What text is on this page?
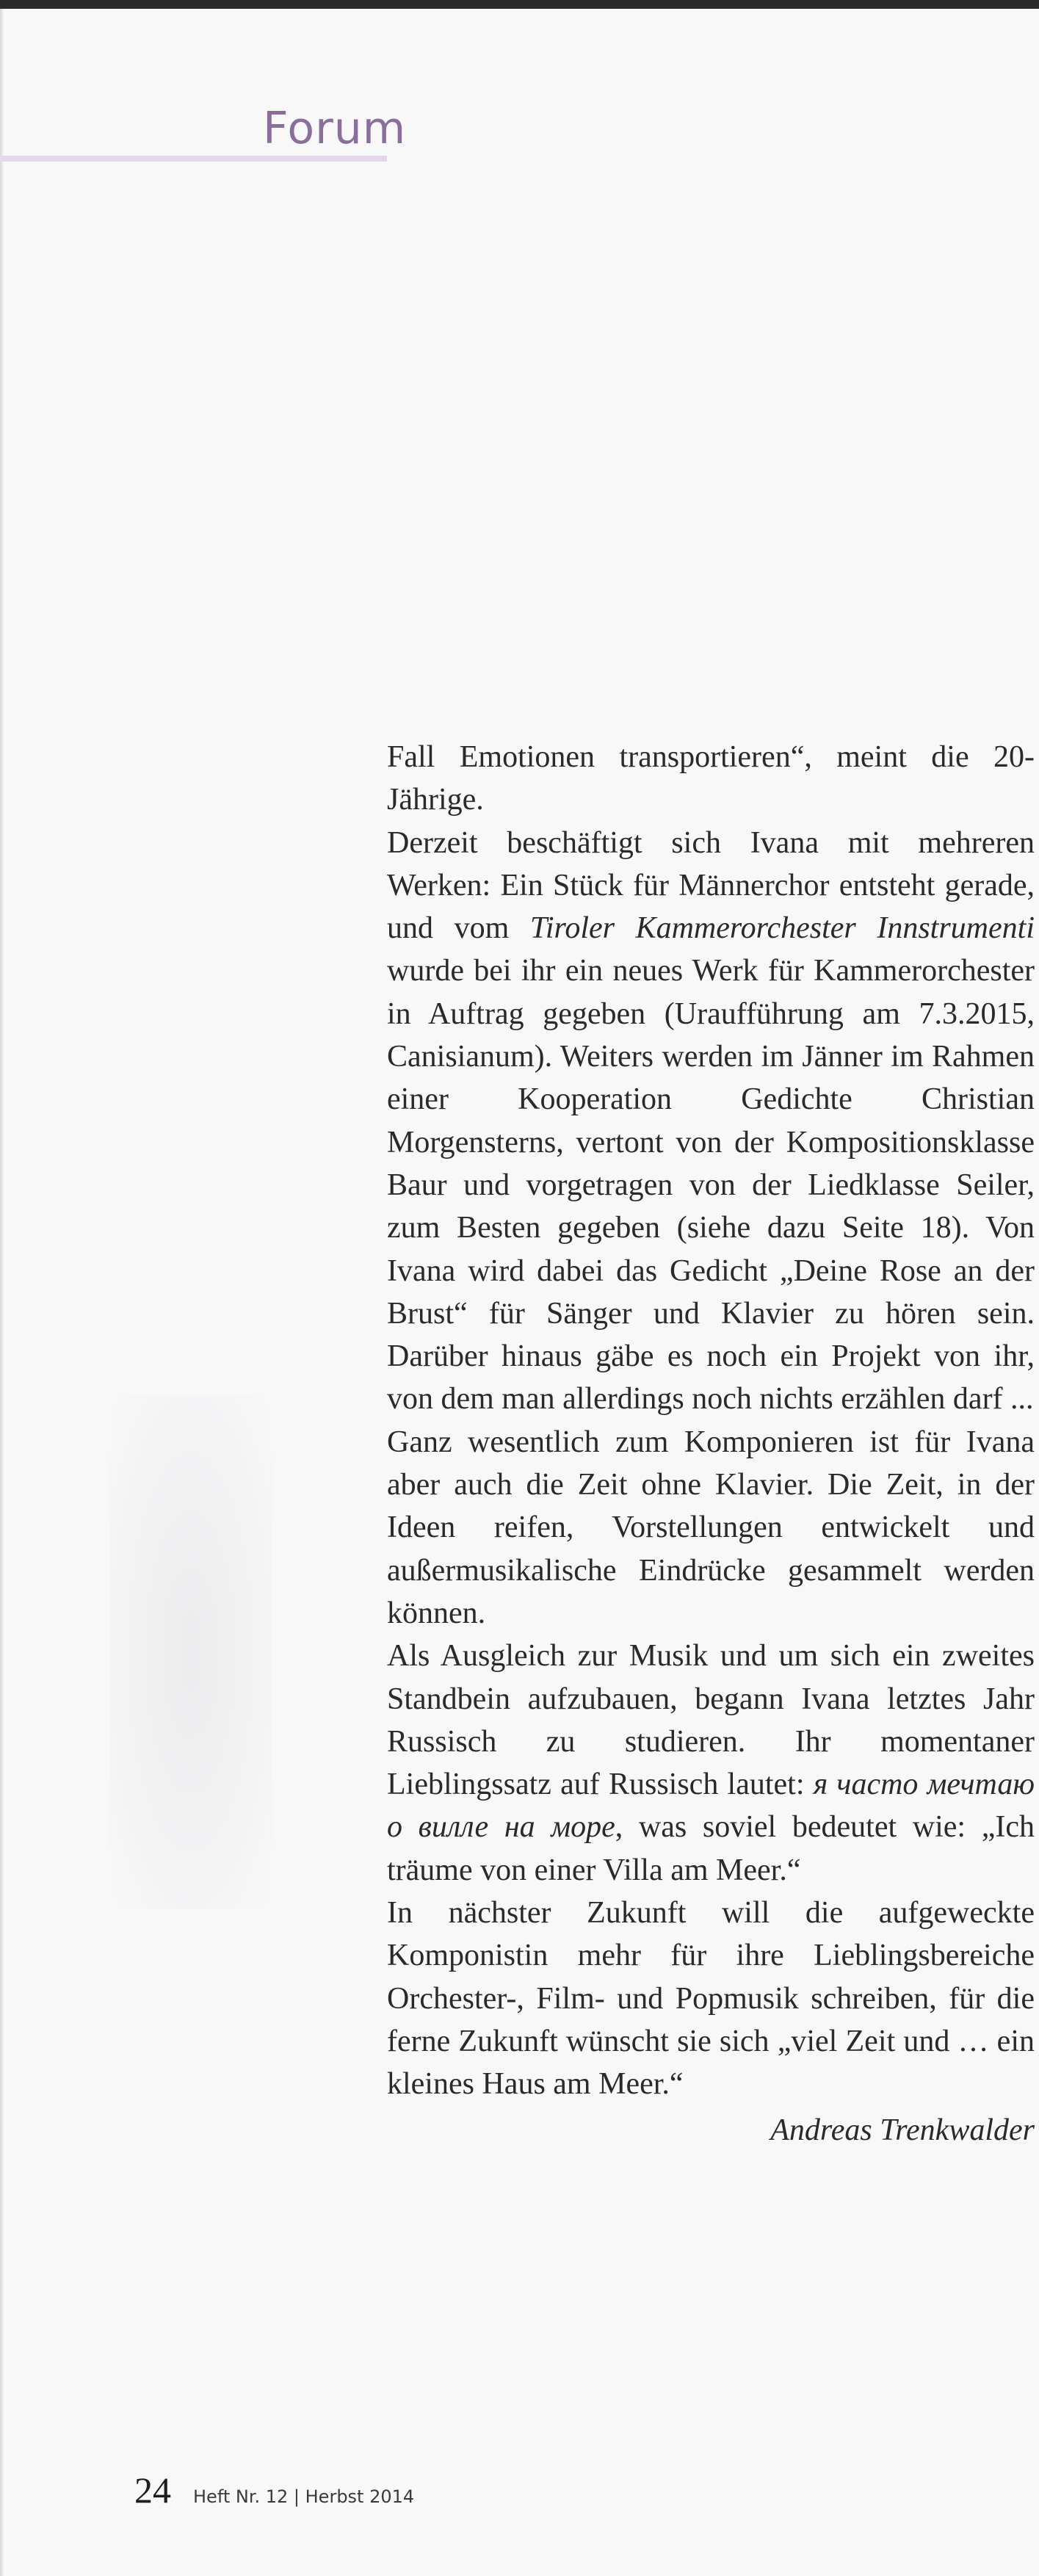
Forum

Fall Emotionen transportieren“, meint die 20-Jährige.

Derzeit beschäftigt sich Ivana mit mehreren Werken: Ein Stück für Männerchor entsteht gerade, und vom Tiroler Kammerorchester Innstrumenti wurde bei ihr ein neues Werk für Kammerorchester in Auftrag gegeben (Uraufführung am 7.3.2015, Canisianum). Weiters werden im Jänner im Rahmen einer Kooperation Gedichte Christian Morgensterns, vertont von der Kompositionsklasse Baur und vorgetragen von der Liedklasse Seiler, zum Besten gegeben (siehe dazu Seite 18). Von Ivana wird dabei das Gedicht „Deine Rose an der Brust“ für Sänger und Klavier zu hören sein. Darüber hinaus gäbe es noch ein Projekt von ihr, von dem man allerdings noch nichts erzählen darf ...

Ganz wesentlich zum Komponieren ist für Ivana aber auch die Zeit ohne Klavier. Die Zeit, in der Ideen reifen, Vorstellungen entwickelt und außermusikalische Eindrücke gesammelt werden können.

Als Ausgleich zur Musik und um sich ein zweites Standbein aufzubauen, begann Ivana letztes Jahr Russisch zu studieren. Ihr momentaner Lieblingssatz auf Russisch lautet: я часто мечтаю о вилле на море, was soviel bedeutet wie: „Ich träume von einer Villa am Meer.“

In nächster Zukunft will die aufgeweckte Komponistin mehr für ihre Lieblingsbereiche Orchester-, Film- und Popmusik schreiben, für die ferne Zukunft wünscht sie sich „viel Zeit und … ein kleines Haus am Meer.“

Andreas Trenkwalder
24 Heft Nr. 12 | Herbst 2014
